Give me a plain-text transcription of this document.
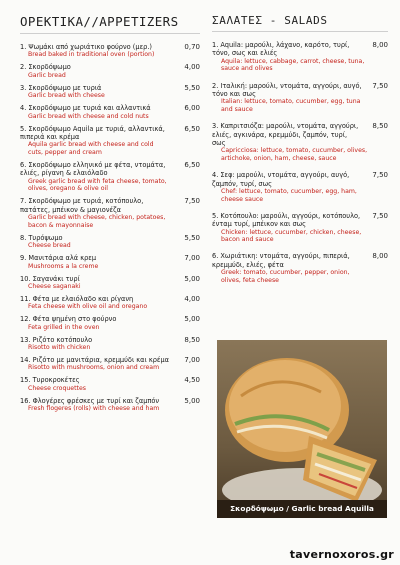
ΟΡΕΚΤΙΚΑ//APPETIZERS
1. Ψωμάκι από χωριάτικο φούρνο (μερ.)
Bread baked in traditional oven (portion)
0,70
2. Σκορδόψωμο
Garlic bread
4,00
3. Σκορδόψωμο με τυριά
Garlic bread with cheese
5,50
4. Σκορδόψωμο με τυριά και αλλαντικά
Garlic bread with cheese and cold nuts
6,00
5. Σκορδόψωμο Aquila με τυριά, αλλαντικά, πιπεριά και κρέμα
Aquila garlic bread with cheese and cold cuts, pepper and cream
6,50
6. Σκορδόψωμο ελληνικό με φέτα, ντομάτα, ελιές, ρίγανη & ελαιόλαδο
Greek garlic bread with feta cheese, tomato, olives, oregano & olive oil
6,50
7. Σκορδόψωμο με τυριά, κοτόπουλο, πατάτες, μπέικον & μαγιονέζα
Garlic bread with cheese, chicken, potatoes, bacon & mayonnaise
7,50
8. Τυρόψωμο
Cheese bread
5,50
9. Μανιτάρια αλά κρεμ
Mushrooms a la creme
7,00
10. Σαγανάκι τυρί
Cheese saganaki
5,00
11. Φέτα με ελαιόλαδο και ρίγανη
Feta cheese with olive oil and oregano
4,00
12. Φέτα ψημένη στο φούρνο
Feta grilled in the oven
5,00
13. Ριζότο κοτόπουλο
Risotto with chicken
8,50
14. Ριζότο με μανιτάρια, κρεμμύδι και κρέμα
Risotto with mushrooms, onion and cream
7,00
15. Τυροκροκέτες
Cheese croquettes
4,50
16. Φλογέρες φρέσκες με τυρί και ζαμπόν
Fresh flogeres (rolls) with cheese and ham
5,00
ΣΑΛΑΤΕΣ - SALADS
1. Aquila: μαρούλι, λάχανο, καρότο, τυρί, τόνο, σως και ελιές
Aquila: lettuce, cabbage, carrot, cheese, tuna, sauce and olives
8,00
2. Ιταλική: μαρούλι, ντομάτα, αγγούρι, αυγό, τόνο και σως
Italian: lettuce, tomato, cucumber, egg, tuna and sauce
7,50
3. Καπριτσιόζα: μαρούλι, ντομάτα, αγγούρι, ελιές, αγκινάρα, κρεμμύδι, ζαμπόν, τυρί, σως
Capricciosa: lettuce, tomato, cucumber, olives, artichoke, onion, ham, cheese, sauce
8,50
4. Σεφ: μαρούλι, ντομάτα, αγγούρι, αυγό, ζαμπόν, τυρί, σως
Chef: lettuce, tomato, cucumber, egg, ham, cheese sauce
7,50
5. Κοτόπουλο: μαρούλι, αγγούρι, κοτόπουλο, ένταμ τυρί, μπέικον και σως
Chicken: lettuce, cucumber, chicken, cheese, bacon and sauce
7,50
6. Χωριάτικη: ντομάτα, αγγούρι, πιπεριά, κρεμμύδι, ελιές, φέτα
Greek: tomato, cucumber, pepper, onion, olives, feta cheese
8,00
Σκορδόψωμο / Garlic bread Aquilla
tavernoxoros.gr
